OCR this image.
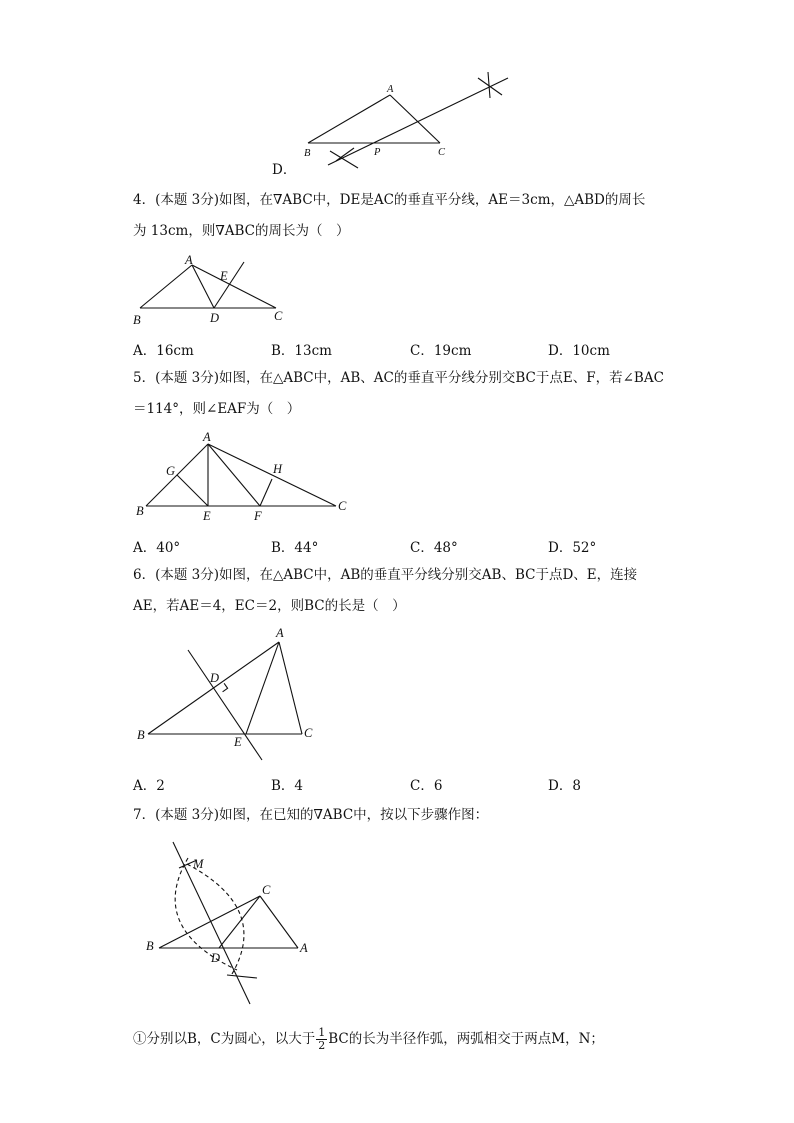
A
B	P	C
D．
4．(本题 3分)如图，在∇ABC中，DE是AC的垂直平分线，AE＝3cm，△ABD的周长
为 13cm，则∇ABC的周长为（　）
A
B	C
D
E
A．16cm	B．13cm	C．19cm	D．10cm
5．(本题 3分)如图，在△ABC中，AB、AC的垂直平分线分别交BC于点E、F，若∠BAC
＝114°，则∠EAF为（　）
A
B	C
E	F
G	H
A．40°	B．44°	C．48°	D．52°
6．(本题 3分)如图，在△ABC中，AB的垂直平分线分别交AB、BC于点D、E，连接
AE，若AE＝4，EC＝2，则BC的长是（　）
A
B	C
D
E
A．2	B．4	C．6	D．8
7．(本题 3分)如图，在已知的∇ABC中，按以下步骤作图：
M
C
B	A
D
①分别以B，C为圆心，以大于 $\frac{1}{2}$ BC的长为半径作弧，两弧相交于两点M，N；
